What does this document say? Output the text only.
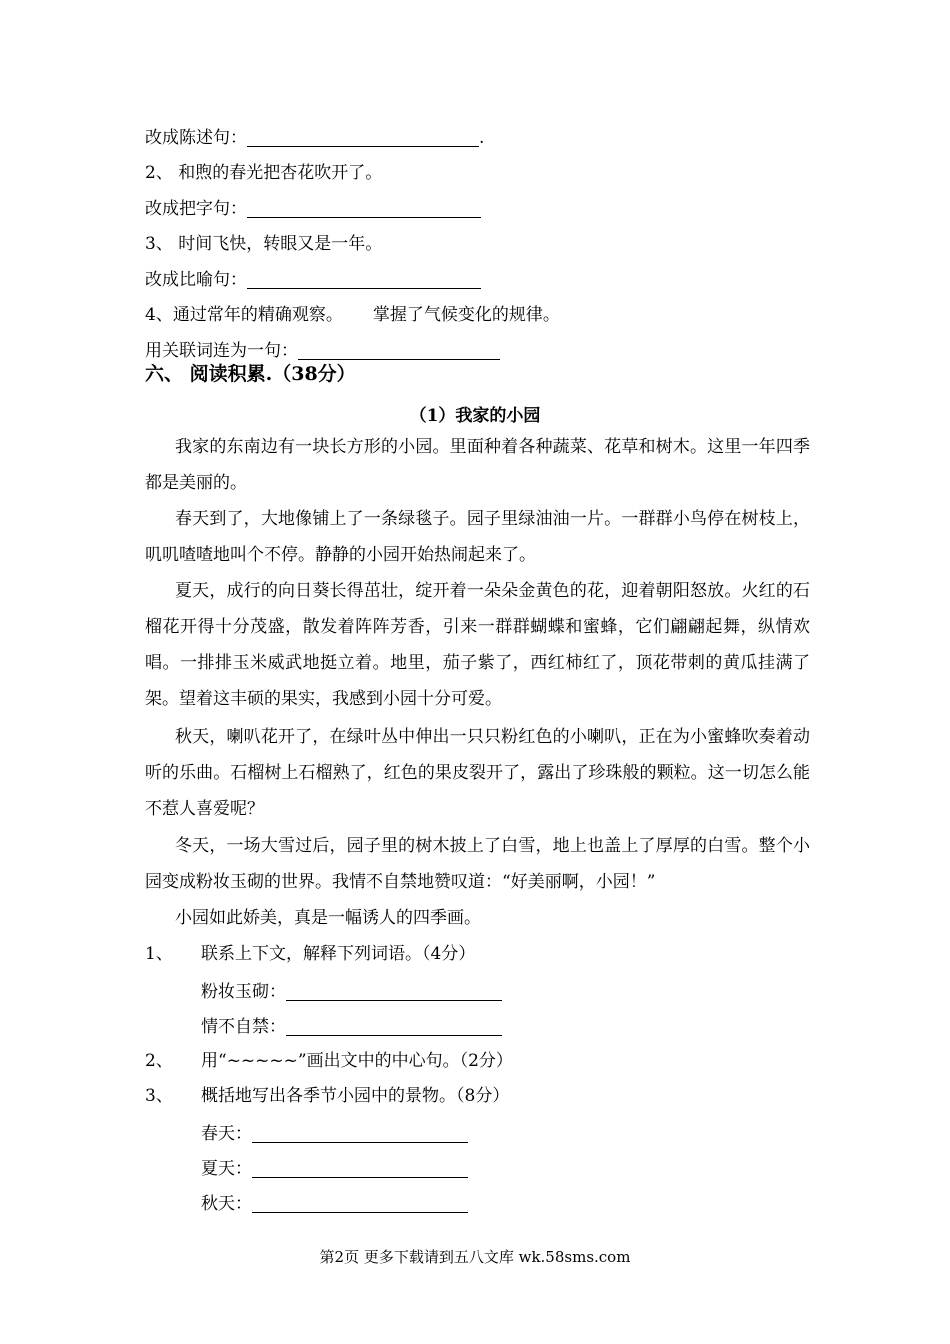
改成陈述句：	.
2、 和煦的春光把杏花吹开了。
改成把字句：
3、 时间飞快，转眼又是一年。
改成比喻句：
4、通过常年的精确观察。 掌握了气候变化的规律。
用关联词连为一句：
六、 阅读积累.（38分）
（1）我家的小园
我家的东南边有一块长方形的小园。里面种着各种蔬菜、花草和树木。这里一年四季都是美丽的。
春天到了，大地像铺上了一条绿毯子。园子里绿油油一片。一群群小鸟停在树枝上，叽叽喳喳地叫个不停。静静的小园开始热闹起来了。
夏天，成行的向日葵长得茁壮，绽开着一朵朵金黄色的花，迎着朝阳怒放。火红的石榴花开得十分茂盛，散发着阵阵芳香，引来一群群蝴蝶和蜜蜂，它们翩翩起舞，纵情欢唱。一排排玉米威武地挺立着。地里，茄子紫了，西红柿红了，顶花带刺的黄瓜挂满了架。望着这丰硕的果实，我感到小园十分可爱。
秋天，喇叭花开了，在绿叶丛中伸出一只只粉红色的小喇叭，正在为小蜜蜂吹奏着动听的乐曲。石榴树上石榴熟了，红色的果皮裂开了，露出了珍珠般的颗粒。这一切怎么能不惹人喜爱呢？
冬天，一场大雪过后，园子里的树木披上了白雪，地上也盖上了厚厚的白雪。整个小园变成粉妆玉砌的世界。我情不自禁地赞叹道：“好美丽啊，小园！”
小园如此娇美，真是一幅诱人的四季画。
1、 联系上下文，解释下列词语。（4分）
粉妆玉砌：
情不自禁：
2、 用“~~~~~”画出文中的中心句。（2分）
3、 概括地写出各季节小园中的景物。（8分）
春天：
夏天：
秋天：
第2页 更多下载请到五八文库 wk.58sms.com
